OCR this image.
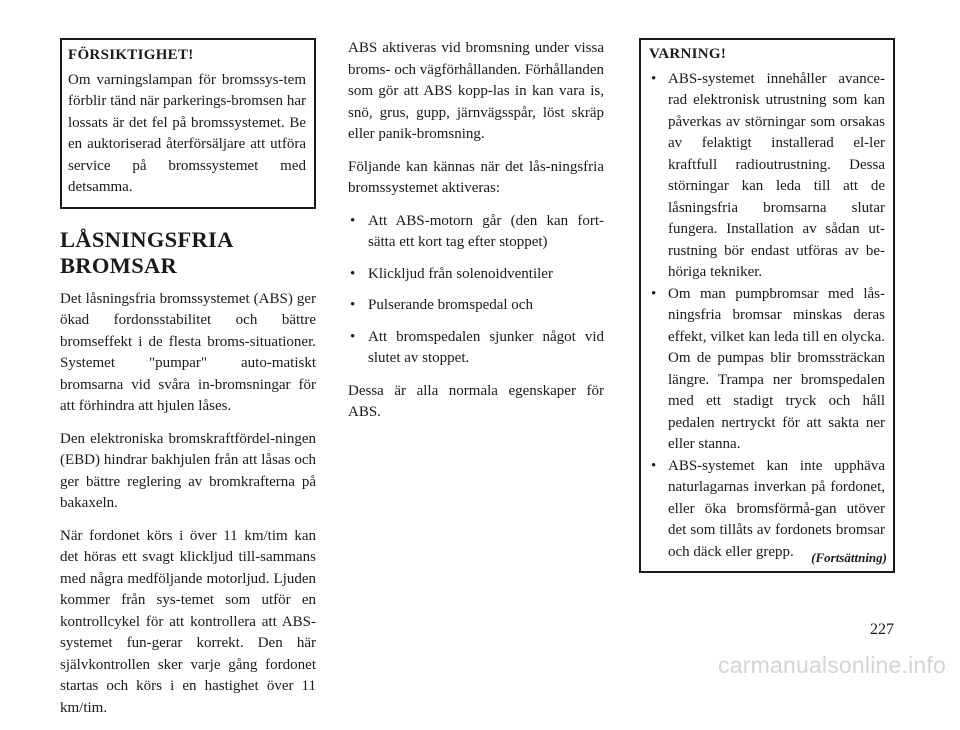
FÖRSIKTIGHET!

Om varningslampan för bromssys-tem förblir tänd när parkerings-bromsen har lossats är det fel på bromssystemet. Be en auktoriserad återförsäljare att utföra service på bromssystemet med detsamma.

LÅSNINGSFRIA BROMSAR

Det låsningsfria bromssystemet (ABS) ger ökad fordonsstabilitet och bättre bromseffekt i de flesta broms-situationer. Systemet "pumpar" auto-matiskt bromsarna vid svåra in-bromsningar för att förhindra att hjulen låses.

Den elektroniska bromskraftfördel-ningen (EBD) hindrar bakhjulen från att låsas och ger bättre reglering av bromkrafterna på bakaxeln.

När fordonet körs i över 11 km/tim kan det höras ett svagt klickljud till-sammans med några medföljande motorljud. Ljuden kommer från sys-temet som utför en kontrollcykel för att kontrollera att ABS-systemet fun-gerar korrekt. Den här självkontrollen sker varje gång fordonet startas och körs i en hastighet över 11 km/tim.

ABS aktiveras vid bromsning under vissa broms- och vägförhållanden. Förhållanden som gör att ABS kopp-las in kan vara is, snö, grus, gupp, järnvägsspår, löst skräp eller panik-bromsning.

Följande kan kännas när det lås-ningsfria bromssystemet aktiveras:

• Att ABS-motorn går (den kan fort-sätta ett kort tag efter stoppet)
• Klickljud från solenoidventiler
• Pulserande bromspedal och
• Att bromspedalen sjunker något vid slutet av stoppet.

Dessa är alla normala egenskaper för ABS.

VARNING!
• ABS-systemet innehåller avance-rad elektronisk utrustning som kan påverkas av störningar som orsakas av felaktigt installerad el-ler kraftfull radioutrustning. Dessa störningar kan leda till att de låsningsfria bromsarna slutar fungera. Installation av sådan ut-rustning bör endast utföras av be-höriga tekniker.
• Om man pumpbromsar med lås-ningsfria bromsar minskas deras effekt, vilket kan leda till en olycka. Om de pumpas blir bromssträckan längre. Trampa ner bromspedalen med ett stadigt tryck och håll pedalen nertryckt för att sakta ner eller stanna.
• ABS-systemet kan inte upphäva naturlagarnas inverkan på fordonet, eller öka bromsförmå-gan utöver det som tillåts av fordonets bromsar och däck eller grepp.	(Fortsättning)
227
carmanualsonline.info
